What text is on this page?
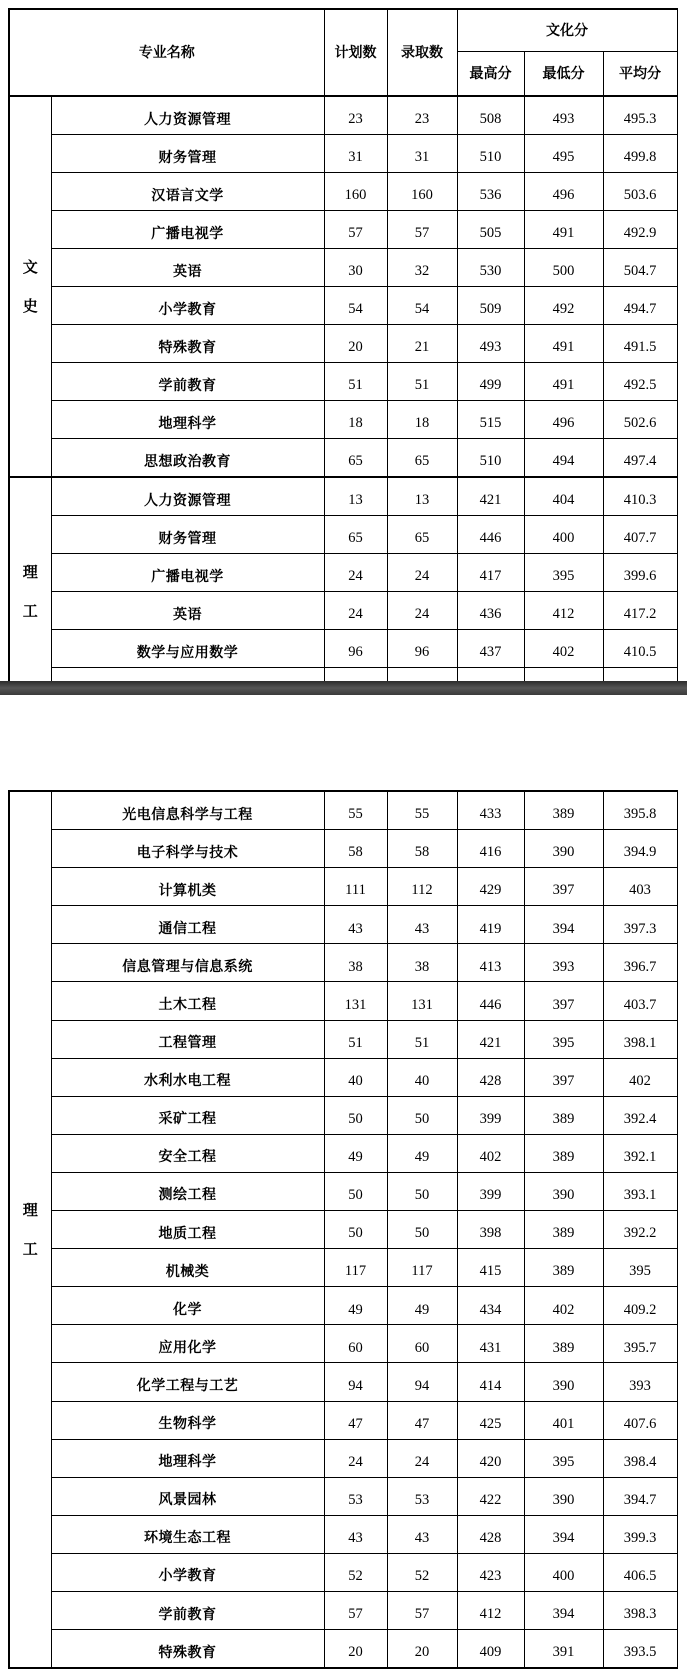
专业名称		计划数	录取数	文化分		
				最高分	最低分	平均分

文
史	人力资源管理	23	23	508	493	495.3
	财务管理	31	31	510	495	499.8
	汉语言文学	160	160	536	496	503.6
	广播电视学	57	57	505	491	492.9
	英语	30	32	530	500	504.7
	小学教育	54	54	509	492	494.7
	特殊教育	20	21	493	491	491.5
	学前教育	51	51	499	491	492.5
	地理科学	18	18	515	496	502.6
	思想政治教育	65	65	510	494	497.4

理
工	人力资源管理	13	13	421	404	410.3
	财务管理	65	65	446	400	407.7
	广播电视学	24	24	417	395	399.6
	英语	24	24	436	412	417.2
	数学与应用数学	96	96	437	402	410.5

理
工	光电信息科学与工程	55	55	433	389	395.8
	电子科学与技术	58	58	416	390	394.9
	计算机类	111	112	429	397	403
	通信工程	43	43	419	394	397.3
	信息管理与信息系统	38	38	413	393	396.7
	土木工程	131	131	446	397	403.7
	工程管理	51	51	421	395	398.1
	水利水电工程	40	40	428	397	402
	采矿工程	50	50	399	389	392.4
	安全工程	49	49	402	389	392.1
	测绘工程	50	50	399	390	393.1
	地质工程	50	50	398	389	392.2
	机械类	117	117	415	389	395
	化学	49	49	434	402	409.2
	应用化学	60	60	431	389	395.7
	化学工程与工艺	94	94	414	390	393
	生物科学	47	47	425	401	407.6
	地理科学	24	24	420	395	398.4
	风景园林	53	53	422	390	394.7
	环境生态工程	43	43	428	394	399.3
	小学教育	52	52	423	400	406.5
	学前教育	57	57	412	394	398.3
	特殊教育	20	20	409	391	393.5
